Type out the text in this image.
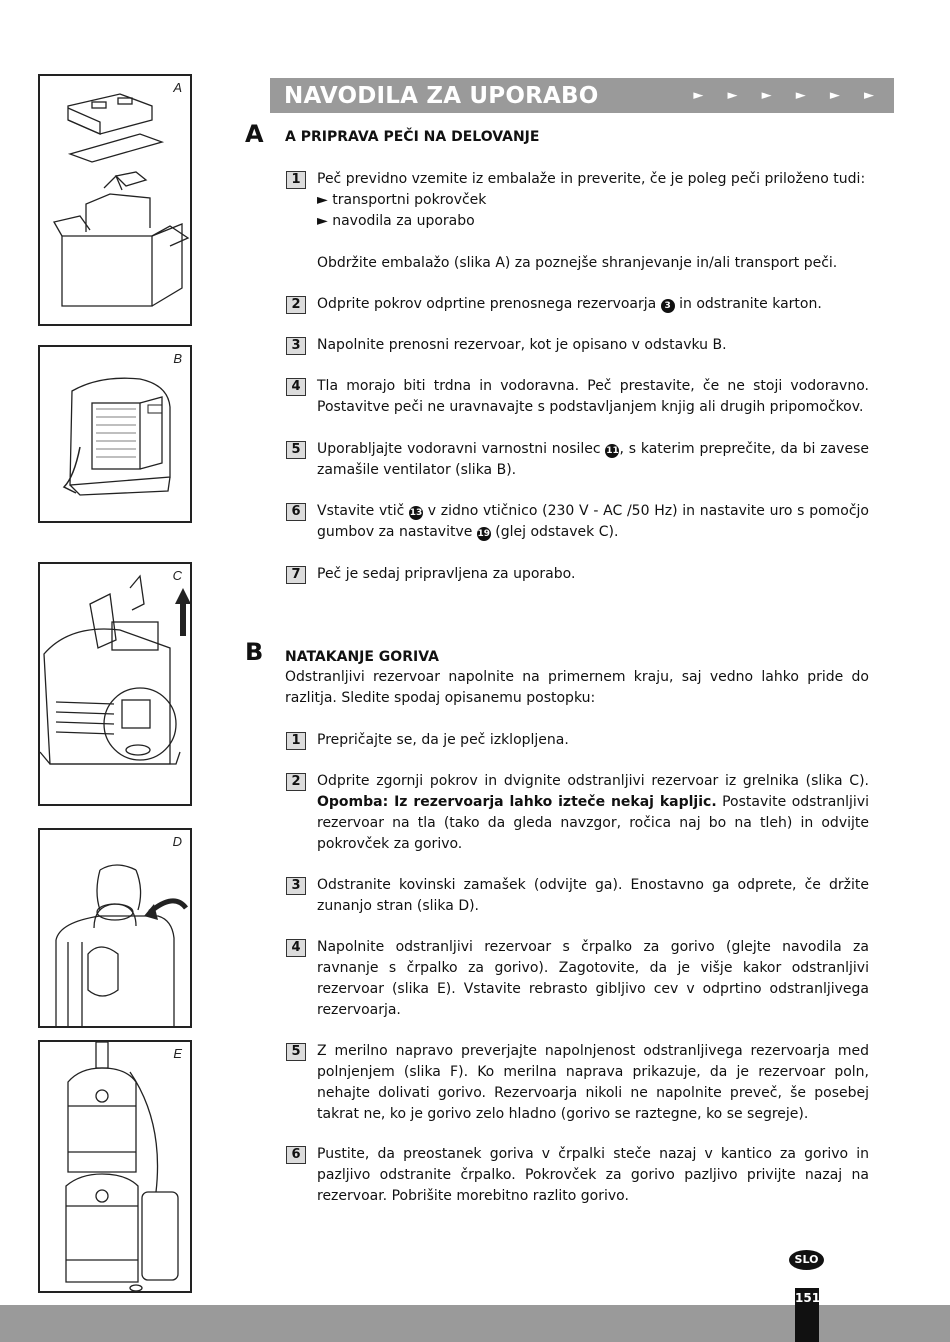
A
B
C
D
E
NAVODILA ZA UPORABO	► ► ► ► ► ►
A A PRIPRAVA PEČI NA DELOVANJE
1	Peč previdno vzemite iz embalaže in preverite, če je poleg peči priloženo tudi:
► transportni pokrovček
► navodila za uporabo
Obdržite embalažo (slika A) za poznejše shranjevanje in/ali transport peči.
2	Odprite pokrov odprtine prenosnega rezervoarja 3 in odstranite karton.
3	Napolnite prenosni rezervoar, kot je opisano v odstavku B.
4	Tla morajo biti trdna in vodoravna. Peč prestavite, če ne stoji vodoravno. Postavitve peči ne uravnavajte s podstavljanjem knjig ali drugih pripomočkov.
5	Uporabljajte vodoravni varnostni nosilec 11, s katerim preprečite, da bi zavese zamašile ventilator (slika B).
6	Vstavite vtič 13 v zidno vtičnico (230 V - AC /50 Hz) in nastavite uro s pomočjo gumbov za nastavitve 19 (glej odstavek C).
7	Peč je sedaj pripravljena za uporabo.
B NATAKANJE GORIVA
Odstranljivi rezervoar napolnite na primernem kraju, saj vedno lahko pride do razlitja. Sledite spodaj opisanemu postopku:
1	Prepričajte se, da je peč izklopljena.
2	Odprite zgornji pokrov in dvignite odstranljivi rezervoar iz grelnika (slika C). Opomba: Iz rezervoarja lahko izteče nekaj kapljic. Postavite odstranljivi rezervoar na tla (tako da gleda navzgor, ročica naj bo na tleh) in odvijte pokrovček za gorivo.
3	Odstranite kovinski zamašek (odvijte ga). Enostavno ga odprete, če držite zunanjo stran (slika D).
4	Napolnite odstranljivi rezervoar s črpalko za gorivo (glejte navodila za ravnanje s črpalko za gorivo). Zagotovite, da je višje kakor odstranljivi rezervoar (slika E). Vstavite rebrasto gibljivo cev v odprtino odstranljivega rezervoarja.
5	Z merilno napravo preverjajte napolnjenost odstranljivega rezervoarja med polnjenjem (slika F). Ko merilna naprava prikazuje, da je rezervoar poln, nehajte dolivati gorivo. Rezervoarja nikoli ne napolnite preveč, še posebej takrat ne, ko je gorivo zelo hladno (gorivo se raztegne, ko se segreje).
6	Pustite, da preostanek goriva v črpalki steče nazaj v kantico za gorivo in pazljivo odstranite črpalko. Pokrovček za gorivo pazljivo privijte nazaj na rezervoar. Pobrišite morebitno razlito gorivo.
SLO
151
